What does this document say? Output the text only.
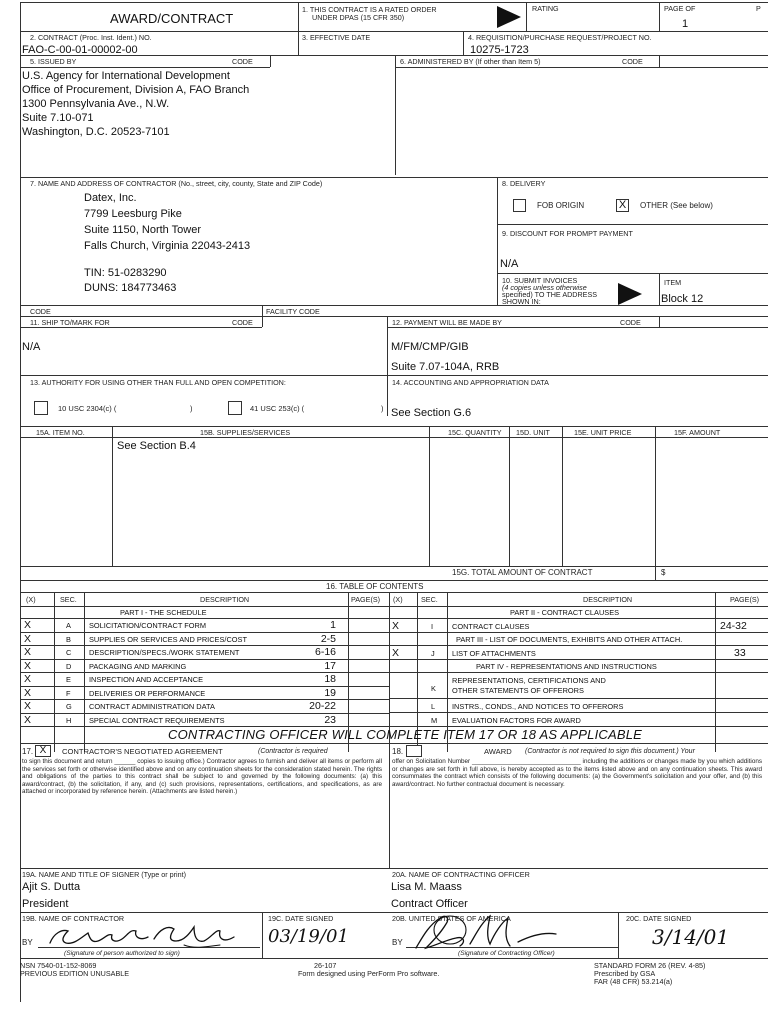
AWARD/CONTRACT
1. THIS CONTRACT IS A RATED ORDER
UNDER DPAS (15 CFR 350)
RATING	PAGE OF
1
P
2. CONTRACT (Proc. Inst. Ident.) NO.
FAO-C-00-01-00002-00
3. EFFECTIVE DATE	4. REQUISITION/PURCHASE REQUEST/PROJECT NO.
10275-1723
5. ISSUED BY	CODE
U.S. Agency for International Development
Office of Procurement, Division A, FAO Branch
1300 Pennsylvania Ave., N.W.
Suite 7.10-071
Washington, D.C. 20523-7101
6. ADMINISTERED BY (If other than Item 5)	CODE
7. NAME AND ADDRESS OF CONTRACTOR (No., street, city, county, State and ZIP Code)
Datex, Inc.
7799 Leesburg Pike
Suite 1150, North Tower
Falls Church, Virginia 22043-2413
TIN: 51-0283290
DUNS: 184773463
8. DELIVERY
FOB ORIGIN	X	OTHER (See below)
9. DISCOUNT FOR PROMPT PAYMENT
N/A
10. SUBMIT INVOICES
(4 copies unless otherwise
specified) TO THE ADDRESS
SHOWN IN:
ITEM
Block 12
CODE	FACILITY CODE
11. SHIP TO/MARK FOR	CODE
N/A
12. PAYMENT WILL BE MADE BY	CODE
M/FM/CMP/GIB
Suite 7.07-104A, RRB
13. AUTHORITY FOR USING OTHER THAN FULL AND OPEN COMPETITION:
10 USC 2304(c) (	)	41 USC 253(c) (	)
14. ACCOUNTING AND APPROPRIATION DATA
See Section G.6
15A. ITEM NO.	15B. SUPPLIES/SERVICES	15C. QUANTITY 15D. UNIT	15E. UNIT PRICE	15F. AMOUNT
See Section B.4
15G. TOTAL AMOUNT OF CONTRACT	$
16. TABLE OF CONTENTS
(X)	SEC.	DESCRIPTION	PAGE(S) (X)	SEC.	DESCRIPTION	PAGE(S)
PART I - THE SCHEDULE	PART II - CONTRACT CLAUSES
X	I	CONTRACT CLAUSES	24-32
PART III - LIST OF DOCUMENTS, EXHIBITS AND OTHER ATTACH.
X	J LIST OF ATTACHMENTS	33
PART IV - REPRESENTATIONS AND INSTRUCTIONS
K
REPRESENTATIONS, CERTIFICATIONS AND
OTHER STATEMENTS OF OFFERORS
L INSTRS., CONDS., AND NOTICES TO OFFERORS
M EVALUATION FACTORS FOR AWARD
CONTRACTING OFFICER WILL COMPLETE ITEM 17 OR 18 AS APPLICABLE
17. X	CONTRACTOR'S NEGOTIATED AGREEMENT	(Contractor is required
to sign this document and return ______ copies to issuing office.) Contractor agrees to furnish and deliver all items or perform all the services set forth or otherwise identified above and on any continuation sheets for the consideration stated herein. The rights and obligations of the parties to this contract shall be subject to and governed by the following documents: (a) this award/contract, (b) the solicitation, if any, and (c) such provisions, representations, certifications, and specifications, as are attached or incorporated by reference herein. (Attachments are listed herein.)
18.	AWARD (Contractor is not required to sign this document.) Your
offer on Solicitation Number _______________________________ including the additions or changes made by you which additions or changes are set forth in full above, is hereby accepted as to the items listed above and on any continuation sheets. This award consummates the contract which consists of the following documents: (a) the Government's solicitation and your offer, and (b) this award/contract. No further contractual document is necessary.
19A. NAME AND TITLE OF SIGNER (Type or print)
Ajit S. Dutta
President
20A. NAME OF CONTRACTING OFFICER
Lisa M. Maass
Contract Officer
19B. NAME OF CONTRACTOR
BY
(Signature of person authorized to sign)
19C. DATE SIGNED
03/19/01
20B. UNITED STATES OF AMERICA
BY
(Signature of Contracting Officer)
20C. DATE SIGNED
3/14/01
NSN 7540-01-152-8069
PREVIOUS EDITION UNUSABLE
26-107
Form designed using PerForm Pro software.
STANDARD FORM 26 (REV. 4-85)
Prescribed by GSA
FAR (48 CFR) 53.214(a)
X	A SOLICITATION/CONTRACT FORM	1
X	B SUPPLIES OR SERVICES AND PRICES/COST	2-5
X	C DESCRIPTION/SPECS./WORK STATEMENT	6-16
X	D PACKAGING AND MARKING	17
X	E INSPECTION AND ACCEPTANCE	18
X	F DELIVERIES OR PERFORMANCE	19
X	G CONTRACT ADMINISTRATION DATA	20-22
X	H SPECIAL CONTRACT REQUIREMENTS	23
